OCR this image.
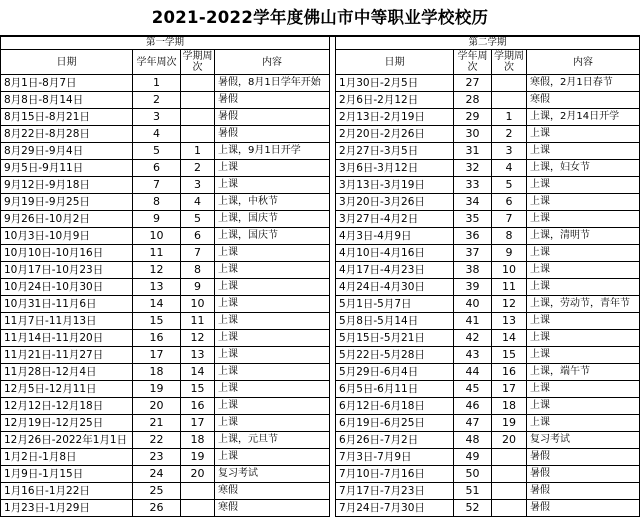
2021-2022学年度佛山市中等职业学校校历
第一学期					第二学期			
日期	学年周次	学期周次	内容		日期	学年周次	学期周次	内容
8月1日-8月7日	1		暑假，8月1日学年开始		1月30日-2月5日	27		寒假，2月1日春节
8月8日-8月14日	2		暑假		2月6日-2月12日	28		寒假
8月15日-8月21日	3		暑假		2月13日-2月19日	29	1	上课，2月14日开学
8月22日-8月28日	4		暑假		2月20日-2月26日	30	2	上课
8月29日-9月4日	5	1	上课，9月1日开学		2月27日-3月5日	31	3	上课
9月5日-9月11日	6	2	上课		3月6日-3月12日	32	4	上课，妇女节
9月12日-9月18日	7	3	上课		3月13日-3月19日	33	5	上课
9月19日-9月25日	8	4	上课，中秋节		3月20日-3月26日	34	6	上课
9月26日-10月2日	9	5	上课，国庆节		3月27日-4月2日	35	7	上课
10月3日-10月9日	10	6	上课，国庆节		4月3日-4月9日	36	8	上课，清明节
10月10日-10月16日	11	7	上课		4月10日-4月16日	37	9	上课
10月17日-10月23日	12	8	上课		4月17日-4月23日	38	10	上课
10月24日-10月30日	13	9	上课		4月24日-4月30日	39	11	上课
10月31日-11月6日	14	10	上课		5月1日-5月7日	40	12	上课，劳动节，青年节
11月7日-11月13日	15	11	上课		5月8日-5月14日	41	13	上课
11月14日-11月20日	16	12	上课		5月15日-5月21日	42	14	上课
11月21日-11月27日	17	13	上课		5月22日-5月28日	43	15	上课
11月28日-12月4日	18	14	上课		5月29日-6月4日	44	16	上课，端午节
12月5日-12月11日	19	15	上课		6月5日-6月11日	45	17	上课
12月12日-12月18日	20	16	上课		6月12日-6月18日	46	18	上课
12月19日-12月25日	21	17	上课		6月19日-6月25日	47	19	上课
12月26日-2022年1月1日	22	18	上课，元旦节		6月26日-7月2日	48	20	复习考试
1月2日-1月8日	23	19	上课		7月3日-7月9日	49		暑假
1月9日-1月15日	24	20	复习考试		7月10日-7月16日	50		暑假
1月16日-1月22日	25		寒假		7月17日-7月23日	51		暑假
1月23日-1月29日	26		寒假		7月24日-7月30日	52		暑假
